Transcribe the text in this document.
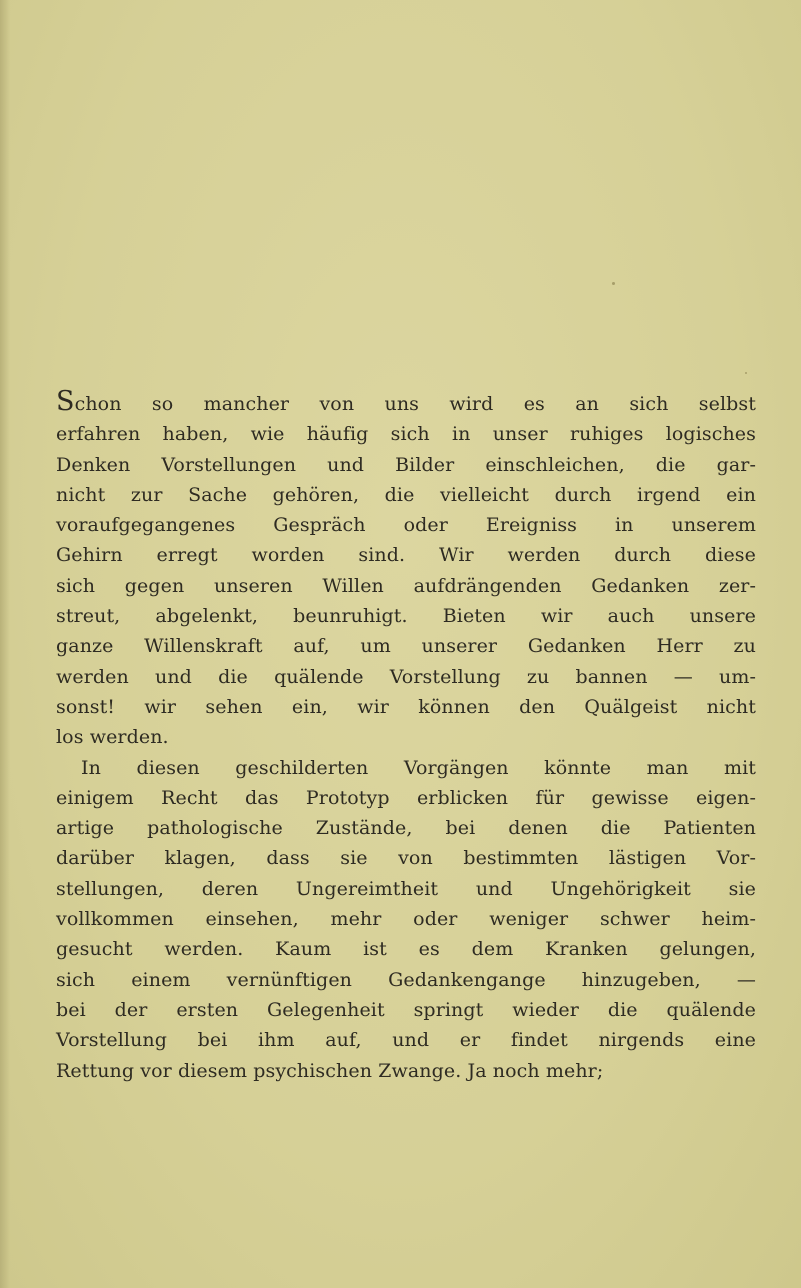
Schon so mancher von uns wird es an sich selbst
erfahren haben, wie häufig sich in unser ruhiges logisches
Denken Vorstellungen und Bilder einschleichen, die gar-
nicht zur Sache gehören, die vielleicht durch irgend ein
voraufgegangenes Gespräch oder Ereigniss in unserem
Gehirn erregt worden sind. Wir werden durch diese
sich gegen unseren Willen aufdrängenden Gedanken zer-
streut, abgelenkt, beunruhigt. Bieten wir auch unsere
ganze Willenskraft auf, um unserer Gedanken Herr zu
werden und die quälende Vorstellung zu bannen — um-
sonst! wir sehen ein, wir können den Quälgeist nicht
los werden.
In diesen geschilderten Vorgängen könnte man mit
einigem Recht das Prototyp erblicken für gewisse eigen-
artige pathologische Zustände, bei denen die Patienten
darüber klagen, dass sie von bestimmten lästigen Vor-
stellungen, deren Ungereimtheit und Ungehörigkeit sie
vollkommen einsehen, mehr oder weniger schwer heim-
gesucht werden. Kaum ist es dem Kranken gelungen,
sich einem vernünftigen Gedankengange hinzugeben, —
bei der ersten Gelegenheit springt wieder die quälende
Vorstellung bei ihm auf, und er findet nirgends eine
Rettung vor diesem psychischen Zwange. Ja noch mehr;
